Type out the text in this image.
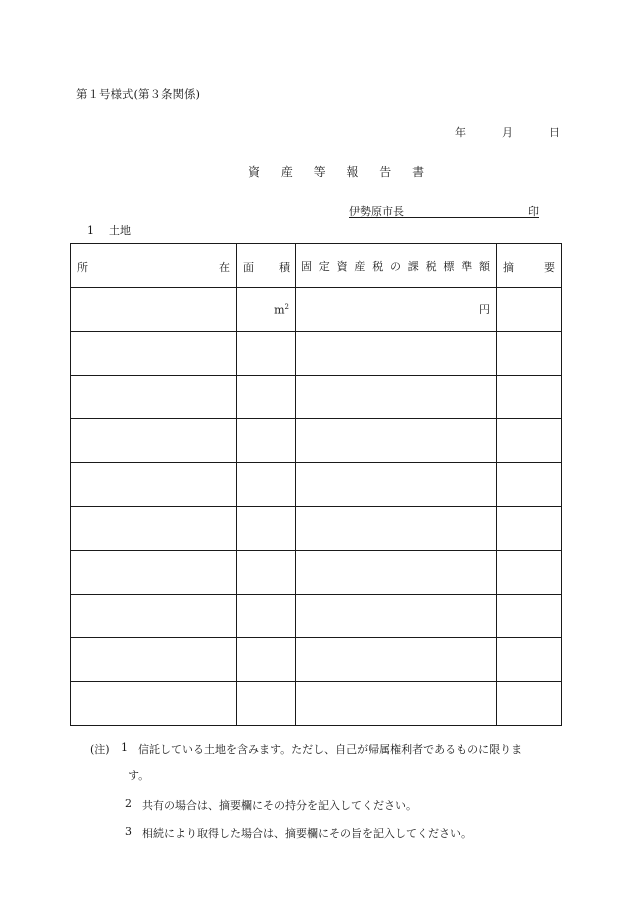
第１号様式(第３条関係)
年	月	日
資 産 等 報 告 書
伊勢原市長	印
1 土地
所 在	面 積	固定資産税の課税標準額	摘 要

	$m^2$	円	

(注) 1 信託している土地を含みます。ただし、自己が帰属権利者であるものに限りま
す。
2 共有の場合は、摘要欄にその持分を記入してください。
3 相続により取得した場合は、摘要欄にその旨を記入してください。
